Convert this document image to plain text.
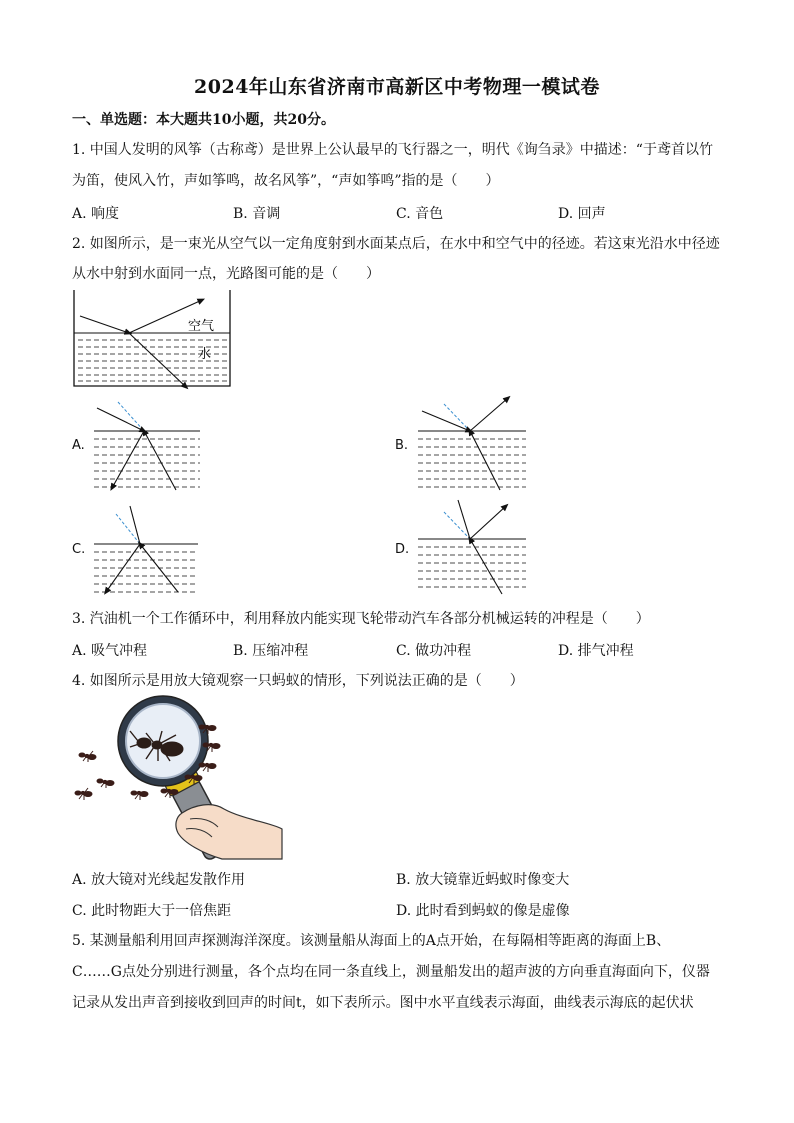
2024年山东省济南市高新区中考物理一模试卷
一、单选题：本大题共10小题，共20分。
1. 中国人发明的风筝（古称鸢）是世界上公认最早的飞行器之一，明代《询刍录》中描述：“于鸢首以竹
为笛，使风入竹，声如筝鸣，故名风筝”，“声如筝鸣”指的是（　　）
A. 响度	B. 音调	C. 音色	D. 回声
2. 如图所示，是一束光从空气以一定角度射到水面某点后，在水中和空气中的径迹。若这束光沿水中径迹
从水中射到水面同一点，光路图可能的是（　　）
空气
水
A.	B.
C.	D.
3. 汽油机一个工作循环中，利用释放内能实现飞轮带动汽车各部分机械运转的冲程是（　　）
A. 吸气冲程	B. 压缩冲程	C. 做功冲程	D. 排气冲程
4. 如图所示是用放大镜观察一只蚂蚁的情形，下列说法正确的是（　　）
A. 放大镜对光线起发散作用	B. 放大镜靠近蚂蚁时像变大
C. 此时物距大于一倍焦距	D. 此时看到蚂蚁的像是虚像
5. 某测量船利用回声探测海洋深度。该测量船从海面上的A点开始，在每隔相等距离的海面上B、
C……G点处分别进行测量，各个点均在同一条直线上，测量船发出的超声波的方向垂直海面向下，仪器
记录从发出声音到接收到回声的时间t，如下表所示。图中水平直线表示海面，曲线表示海底的起伏状
